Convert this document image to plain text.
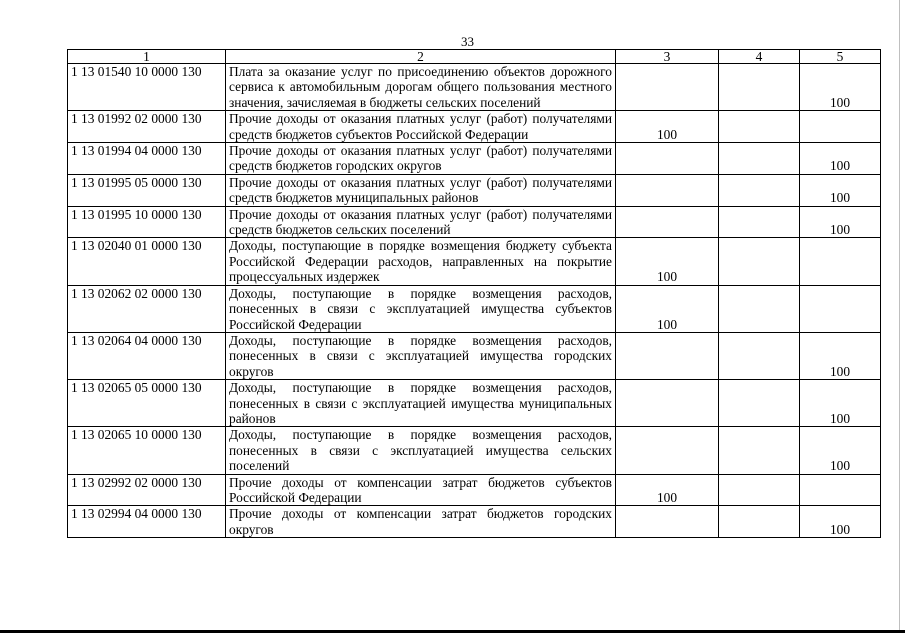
33
1	2	3	4	5
1 13 01540 10 0000 130	Плата за оказание услуг по присоединению объектов дорожного сервиса к автомобильным дорогам общего пользования местного значения, зачисляемая в бюджеты сельских поселений			100
1 13 01992 02 0000 130	Прочие доходы от оказания платных услуг (работ) получателями средств бюджетов субъектов Российской Федерации	100		
1 13 01994 04 0000 130	Прочие доходы от оказания платных услуг (работ) получателями средств бюджетов городских округов			100
1 13 01995 05 0000 130	Прочие доходы от оказания платных услуг (работ) получателями средств бюджетов муниципальных районов			100
1 13 01995 10 0000 130	Прочие доходы от оказания платных услуг (работ) получателями средств бюджетов сельских поселений			100
1 13 02040 01 0000 130	Доходы, поступающие в порядке возмещения бюджету субъекта Российской Федерации расходов, направленных на покрытие процессуальных издержек	100		
1 13 02062 02 0000 130	Доходы, поступающие в порядке возмещения расходов, понесенных в связи с эксплуатацией имущества субъектов Российской Федерации	100		
1 13 02064 04 0000 130	Доходы, поступающие в порядке возмещения расходов, понесенных в связи с эксплуатацией имущества городских округов			100
1 13 02065 05 0000 130	Доходы, поступающие в порядке возмещения расходов, понесенных в связи с эксплуатацией имущества муниципальных районов			100
1 13 02065 10 0000 130	Доходы, поступающие в порядке возмещения расходов, понесенных в связи с эксплуатацией имущества сельских поселений			100
1 13 02992 02 0000 130	Прочие доходы от компенсации затрат бюджетов субъектов Российской Федерации	100		
1 13 02994 04 0000 130	Прочие доходы от компенсации затрат бюджетов городских округов			100
